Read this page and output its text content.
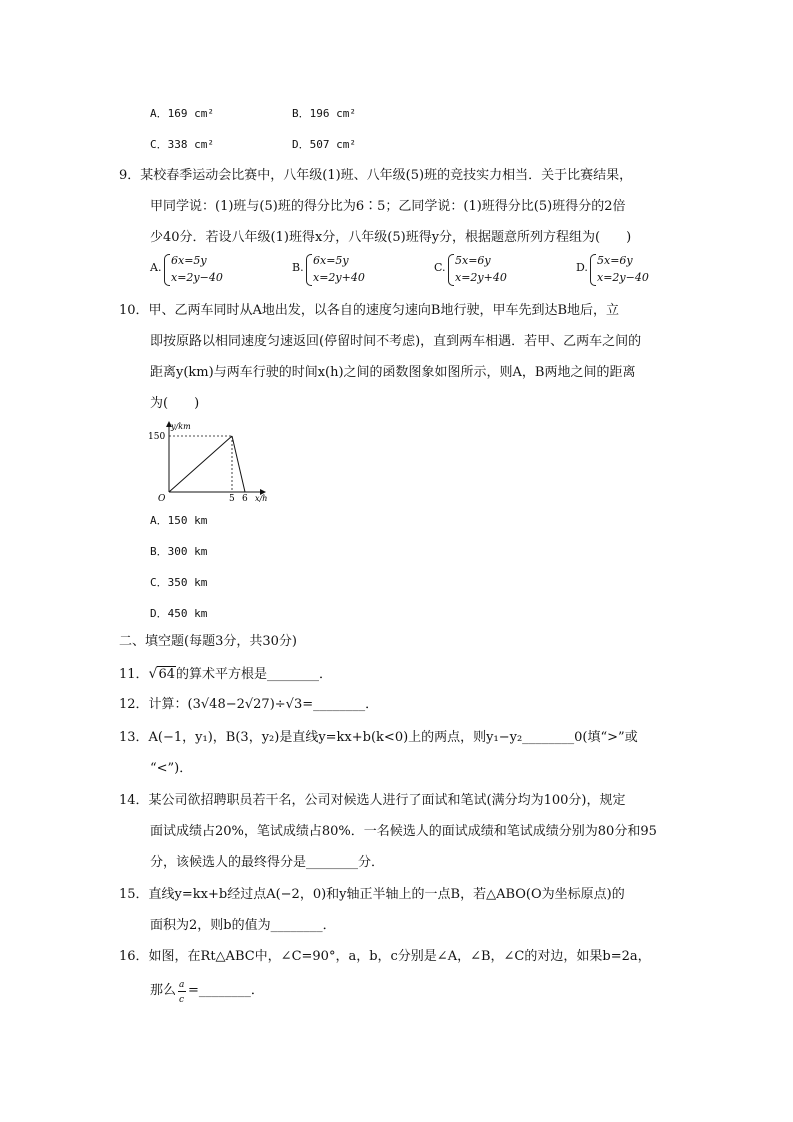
A．169 cm²	B．196 cm²
C．338 cm²	D．507 cm²
9．某校春季运动会比赛中，八年级(1)班、八年级(5)班的竞技实力相当．关于比赛结果，
甲同学说：(1)班与(5)班的得分比为6∶5；乙同学说：(1)班得分比(5)班得分的2倍
少40分．若设八年级(1)班得x分，八年级(5)班得y分，根据题意所列方程组为(　　)
A.
6x=5y
x=2y−40
B.
6x=5y
x=2y+40
C.
5x=6y
x=2y+40
D.
5x=6y
x=2y−40
10．甲、乙两车同时从A地出发，以各自的速度匀速向B地行驶，甲车先到达B地后，立
即按原路以相同速度匀速返回(停留时间不考虑)，直到两车相遇．若甲、乙两车之间的
距离y(km)与两车行驶的时间x(h)之间的函数图象如图所示，则A，B两地之间的距离
为(　　)
y/km
150
O	5 6 x/h
A．150 km
B．300 km
C．350 km
D．450 km
二、填空题(每题3分，共30分)
11．√64的算术平方根是________．
12．计算：(3√48−2√27)÷√3=________．
13．A(−1，y₁)，B(3，y₂)是直线y=kx+b(k<0)上的两点，则y₁−y₂________0(填“>”或
“<”)．
14．某公司欲招聘职员若干名，公司对候选人进行了面试和笔试(满分均为100分)，规定
面试成绩占20%，笔试成绩占80%．一名候选人的面试成绩和笔试成绩分别为80分和95
分，该候选人的最终得分是________分．
15．直线y=kx+b经过点A(−2，0)和y轴正半轴上的一点B，若△ABO(O为坐标原点)的
面积为2，则b的值为________．
16．如图，在Rt△ABC中，∠C=90°，a，b，c分别是∠A，∠B，∠C的对边，如果b=2a，
那么 $\frac{a}{c}$ =________．
